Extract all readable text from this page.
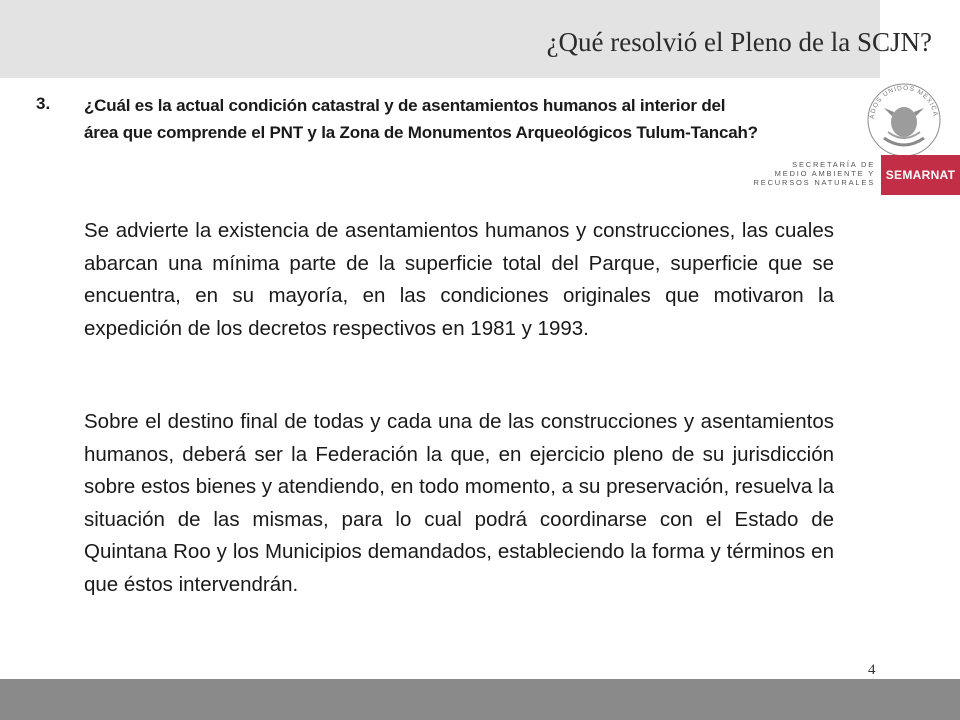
¿Qué resolvió el Pleno de la SCJN?
ADOS UNIDOS MEXICA
SECRETARÍA DE
MEDIO AMBIENTE Y
RECURSOS NATURALES
SEMARNAT
3. ¿Cuál es la actual condición catastral y de asentamientos humanos al interior del área que comprende el PNT y la Zona de Monumentos Arqueológicos Tulum-Tancah?
Se advierte la existencia de asentamientos humanos y construcciones, las cuales abarcan una mínima parte de la superficie total del Parque, superficie que se encuentra, en su mayoría, en las condiciones originales que motivaron la expedición de los decretos respectivos en 1981 y 1993.
Sobre el destino final de todas y cada una de las construcciones y asentamientos humanos, deberá ser la Federación la que, en ejercicio pleno de su jurisdicción sobre estos bienes y atendiendo, en todo momento, a su preservación, resuelva la situación de las mismas, para lo cual podrá coordinarse con el Estado de Quintana Roo y los Municipios demandados, estableciendo la forma y términos en que éstos intervendrán.
4
